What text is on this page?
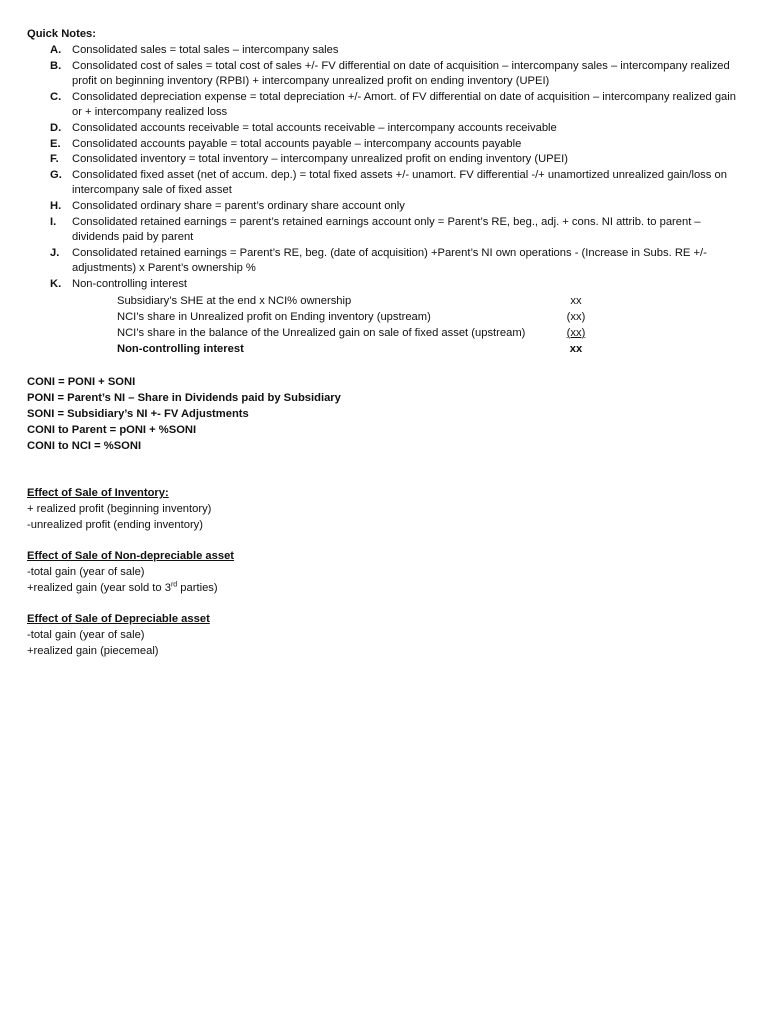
Quick Notes:
A. Consolidated sales = total sales – intercompany sales
B. Consolidated cost of sales = total cost of sales +/- FV differential on date of acquisition – intercompany sales – intercompany realized profit on beginning inventory (RPBI) + intercompany unrealized profit on ending inventory (UPEI)
C. Consolidated depreciation expense = total depreciation +/- Amort. of FV differential on date of acquisition – intercompany realized gain or + intercompany realized loss
D. Consolidated accounts receivable = total accounts receivable – intercompany accounts receivable
E.	Consolidated accounts payable = total accounts payable – intercompany accounts payable
F.	Consolidated inventory = total inventory – intercompany unrealized profit on ending inventory (UPEI)
G. Consolidated fixed asset (net of accum. dep.) = total fixed assets +/- unamort. FV differential -/+ unamortized unrealized gain/loss on intercompany sale of fixed asset
H. Consolidated ordinary share = parent’s ordinary share account only
I.	Consolidated retained earnings = parent’s retained earnings account only = Parent’s RE, beg., adj. + cons. NI attrib. to parent – dividends paid by parent
J.	Consolidated retained earnings = Parent’s RE, beg. (date of acquisition) +Parent’s NI own operations - (Increase in Subs. RE +/- adjustments) x Parent’s ownership %
K. Non-controlling interest
Subsidiary’s SHE at the end x NCI% ownership	xx
NCI’s share in Unrealized profit on Ending inventory (upstream)	(xx)
NCI’s share in the balance of the Unrealized gain on sale of fixed asset (upstream)	(xx)
Non-controlling interest	xx
CONI = PONI + SONI
PONI = Parent’s NI – Share in Dividends paid by Subsidiary
SONI = Subsidiary’s NI +- FV Adjustments
CONI to Parent = pONI + %SONI
CONI to NCI = %SONI
Effect of Sale of Inventory:
+ realized profit (beginning inventory)
-unrealized profit (ending inventory)
Effect of Sale of Non-depreciable asset
-total gain (year of sale)
+realized gain (year sold to 3rd parties)
Effect of Sale of Depreciable asset
-total gain (year of sale)
+realized gain (piecemeal)
